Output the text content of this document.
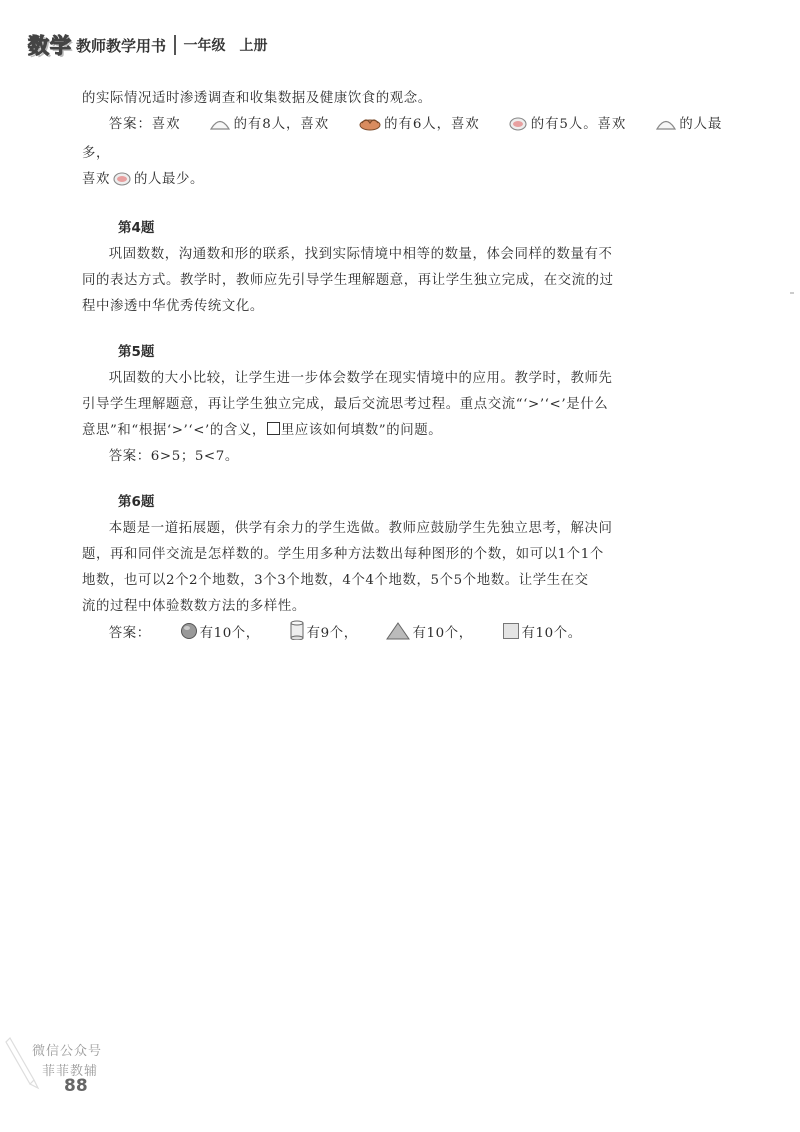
数学 教师教学用书 一年级 上册

的实际情况适时渗透调查和收集数据及健康饮食的观念。

答案：喜欢	的有8人，喜欢	的有6人，喜欢	的有5人。喜欢	的人最多，

喜欢 的人最少。

第4题

巩固数数，沟通数和形的联系，找到实际情境中相等的数量，体会同样的数量有不

同的表达方式。教学时，教师应先引导学生理解题意，再让学生独立完成，在交流的过

程中渗透中华优秀传统文化。

第5题

巩固数的大小比较，让学生进一步体会数学在现实情境中的应用。教学时，教师先

引导学生理解题意，再让学生独立完成，最后交流思考过程。重点交流“‘>’‘<’是什么

意思”和“根据‘>’‘<’的含义， 里应该如何填数”的问题。

答案：6>5；5<7。

第6题

本题是一道拓展题，供学有余力的学生选做。教师应鼓励学生先独立思考，解决问

题，再和同伴交流是怎样数的。学生用多种方法数出每种图形的个数，如可以1个1个

地数，也可以2个2个地数，3个3个地数，4个4个地数，5个5个地数。让学生在交

流的过程中体验数数方法的多样性。

答案：	有10个，	有9个，	有10个，	有10个。

微信公众号
菲菲教辅
88
